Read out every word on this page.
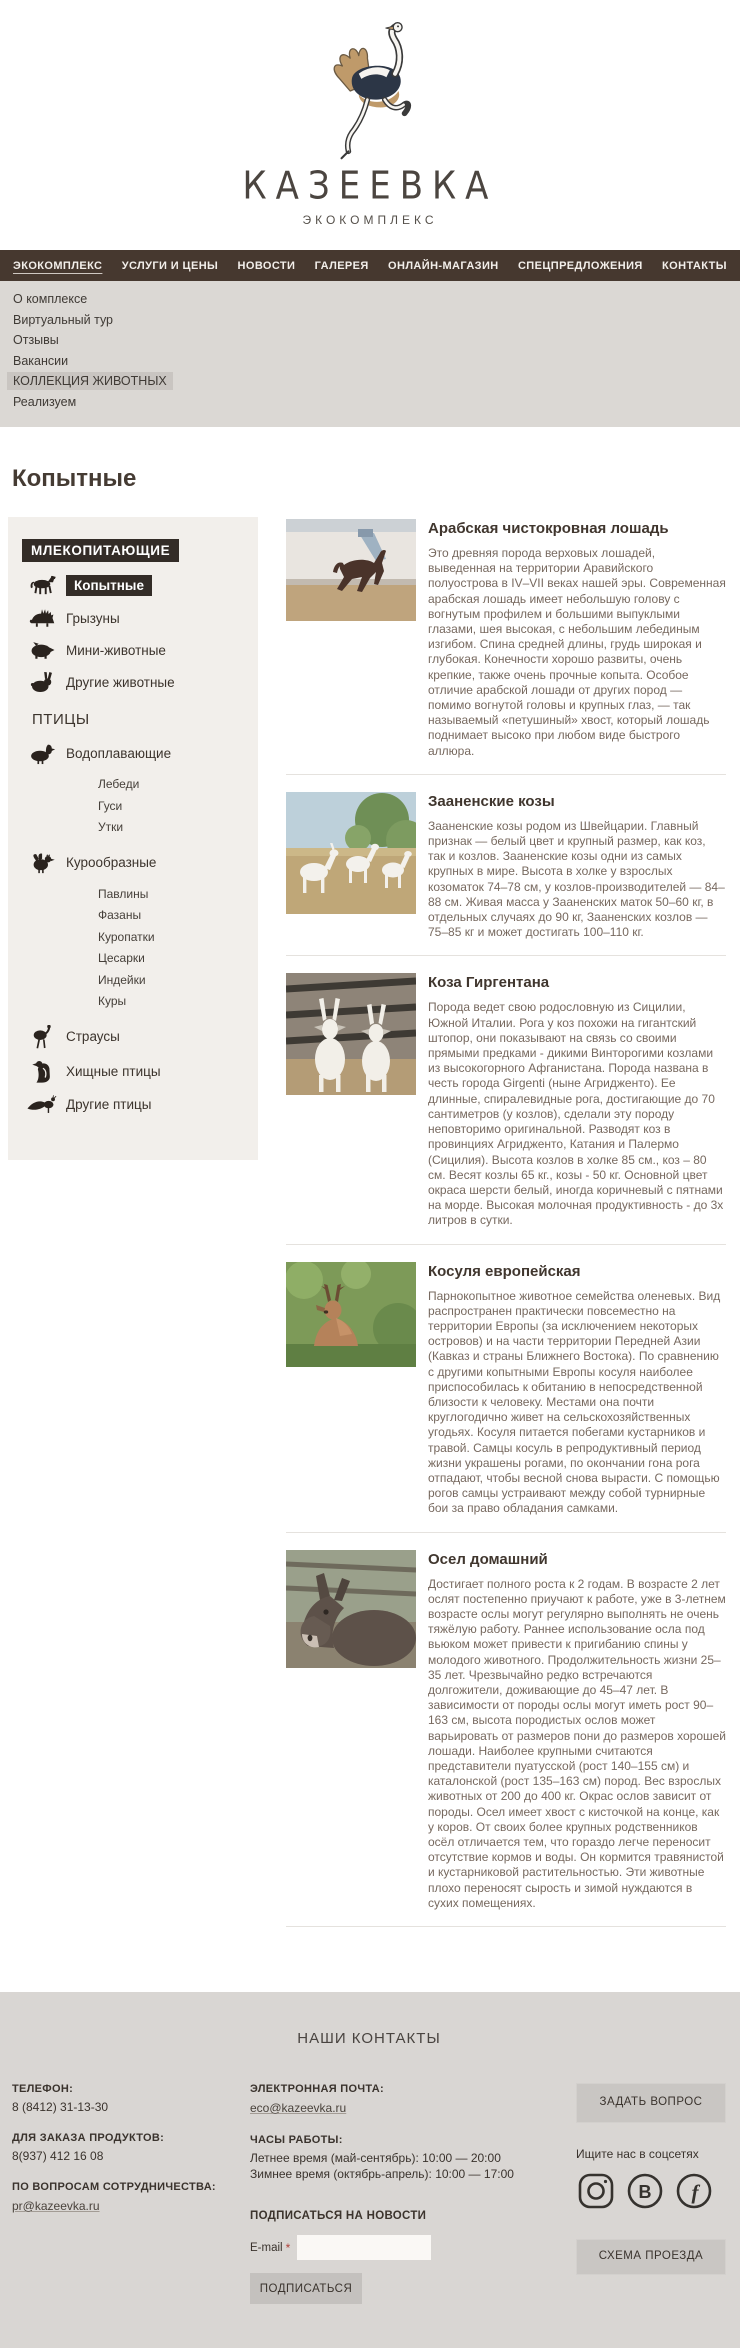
КАЗЕЕВКА
ЭКОКОМПЛЕКС
ЭКОКОМПЛЕКС УСЛУГИ И ЦЕНЫ НОВОСТИ ГАЛЕРЕЯ ОНЛАЙН-МАГАЗИН СПЕЦПРЕДЛОЖЕНИЯ КОНТАКТЫ
О комплексе
Виртуальный тур
Отзывы
Вакансии
КОЛЛЕКЦИЯ ЖИВОТНЫХ
Реализуем
Копытные
МЛЕКОПИТАЮЩИЕ
Копытные
Грызуны
Мини-животные
Другие животные
ПТИЦЫ
Водоплавающие
Лебеди
Гуси
Утки
Курообразные
Павлины
Фазаны
Куропатки
Цесарки
Индейки
Куры
Страусы
Хищные птицы
Другие птицы
Арабская чистокровная лошадь

Это древняя порода верховых лошадей, выведенная на территории Аравийского полуострова в IV–VII веках нашей эры. Современная арабская лошадь имеет небольшую голову с вогнутым профилем и большими выпуклыми глазами, шея высокая, с небольшим лебединым изгибом. Спина средней длины, грудь широкая и глубокая. Конечности хорошо развиты, очень крепкие, также очень прочные копыта. Особое отличие арабской лошади от других пород — помимо вогнутой головы и крупных глаз, — так называемый «петушиный» хвост, который лошадь поднимает высоко при любом виде быстрого аллюра.

Зааненские козы

Зааненские козы родом из Швейцарии. Главный признак — белый цвет и крупный размер, как коз, так и козлов. Зааненские козы одни из самых крупных в мире. Высота в холке у взрослых козоматок 74–78 см, у козлов-производителей — 84–88 см. Живая масса у Зааненских маток 50–60 кг, в отдельных случаях до 90 кг, Зааненских козлов — 75–85 кг и может достигать 100–110 кг.

Коза Гиргентана

Порода ведет свою родословную из Сицилии, Южной Италии. Рога у коз похожи на гигантский штопор, они показывают на связь со своими прямыми предками - дикими Винторогими козлами из высокогорного Афганистана. Порода названа в честь города Girgenti (ныне Агридженто). Ее длинные, спиралевидные рога, достигающие до 70 сантиметров (у козлов), сделали эту породу неповторимо оригинальной. Разводят коз в провинциях Агридженто, Катания и Палермо (Сицилия). Высота козлов в холке 85 см., коз – 80 см. Весят козлы 65 кг., козы - 50 кг. Основной цвет окраса шерсти белый, иногда коричневый с пятнами на морде. Высокая молочная продуктивность - до 3х литров в сутки.

Косуля европейская

Парнокопытное животное семейства оленевых. Вид распространен практически повсеместно на территории Европы (за исключением некоторых островов) и на части территории Передней Азии (Кавказ и страны Ближнего Востока). По сравнению с другими копытными Европы косуля наиболее приспособилась к обитанию в непосредственной близости к человеку. Местами она почти круглогодично живет на сельскохозяйственных угодьях. Косуля питается побегами кустарников и травой. Самцы косуль в репродуктивный период жизни украшены рогами, по окончании гона рога отпадают, чтобы весной снова вырасти. С помощью рогов самцы устраивают между собой турнирные бои за право обладания самками.

Осел домашний

Достигает полного роста к 2 годам. В возрасте 2 лет ослят постепенно приучают к работе, уже в 3-летнем возрасте ослы могут регулярно выполнять не очень тяжёлую работу. Раннее использование осла под вьюком может привести к пригибанию спины у молодого животного. Продолжительность жизни 25–35 лет. Чрезвычайно редко встречаются долгожители, доживающие до 45–47 лет. В зависимости от породы ослы могут иметь рост 90–163 см, высота породистых ослов может варьировать от размеров пони до размеров хорошей лошади. Наиболее крупными считаются представители пуатусской (рост 140–155 см) и каталонской (рост 135–163 см) пород. Вес взрослых животных от 200 до 400 кг. Окрас ослов зависит от породы. Осел имеет хвост с кисточкой на конце, как у коров. От своих более крупных родственников осёл отличается тем, что гораздо легче переносит отсутствие кормов и воды. Он кормится травянистой и кустарниковой растительностью. Эти животные плохо переносят сырость и зимой нуждаются в сухих помещениях.

НАШИ КОНТАКТЫ
ТЕЛЕФОН:
8 (8412) 31-13-30
ДЛЯ ЗАКАЗА ПРОДУКТОВ:
8(937) 412 16 08
ПО ВОПРОСАМ СОТРУДНИЧЕСТВА:
pr@kazeevka.ru
ЭЛЕКТРОННАЯ ПОЧТА:
eco@kazeevka.ru
ЧАСЫ РАБОТЫ:
Летнее время (май-сентябрь): 10:00 — 20:00
Зимнее время (октябрь-апрель): 10:00 — 17:00
ПОДПИСАТЬСЯ НА НОВОСТИ
E-mail *
ПОДПИСАТЬСЯ
ЗАДАТЬ ВОПРОС
Ищите нас в соцсетях
В f
СХЕМА ПРОЕЗДА
